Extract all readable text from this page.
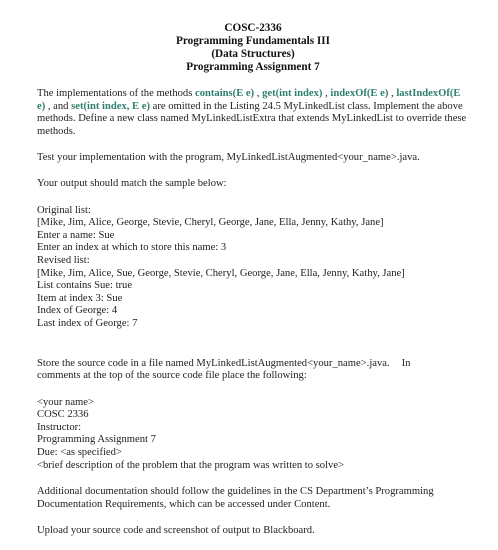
COSC-2336
Programming Fundamentals III
(Data Structures)
Programming Assignment 7

The implementations of the methods contains(E e) , get(int index) , indexOf(E e) , lastIndexOf(E e) , and set(int index, E e) are omitted in the Listing 24.5 MyLinkedList class. Implement the above methods. Define a new class named MyLinkedListExtra that extends MyLinkedList to override these methods.

Test your implementation with the program, MyLinkedListAugmented<your_name>.java.

Your output should match the sample below:

Original list:
[Mike, Jim, Alice, George, Stevie, Cheryl, George, Jane, Ella, Jenny, Kathy, Jane]
Enter a name: Sue
Enter an index at which to store this name: 3
Revised list:
[Mike, Jim, Alice, Sue, George, Stevie, Cheryl, George, Jane, Ella, Jenny, Kathy, Jane]
List contains Sue: true
Item at index 3: Sue
Index of George: 4
Last index of George: 7
Store the source code in a file named MyLinkedListAugmented<your_name>.java. In
comments at the top of the source code file place the following:
<your name>
COSC 2336
Instructor:
Programming Assignment 7
Due: <as specified>
<brief description of the problem that the program was written to solve>

Additional documentation should follow the guidelines in the CS Department’s Programming Documentation Requirements, which can be accessed under Content.

Upload your source code and screenshot of output to Blackboard.
